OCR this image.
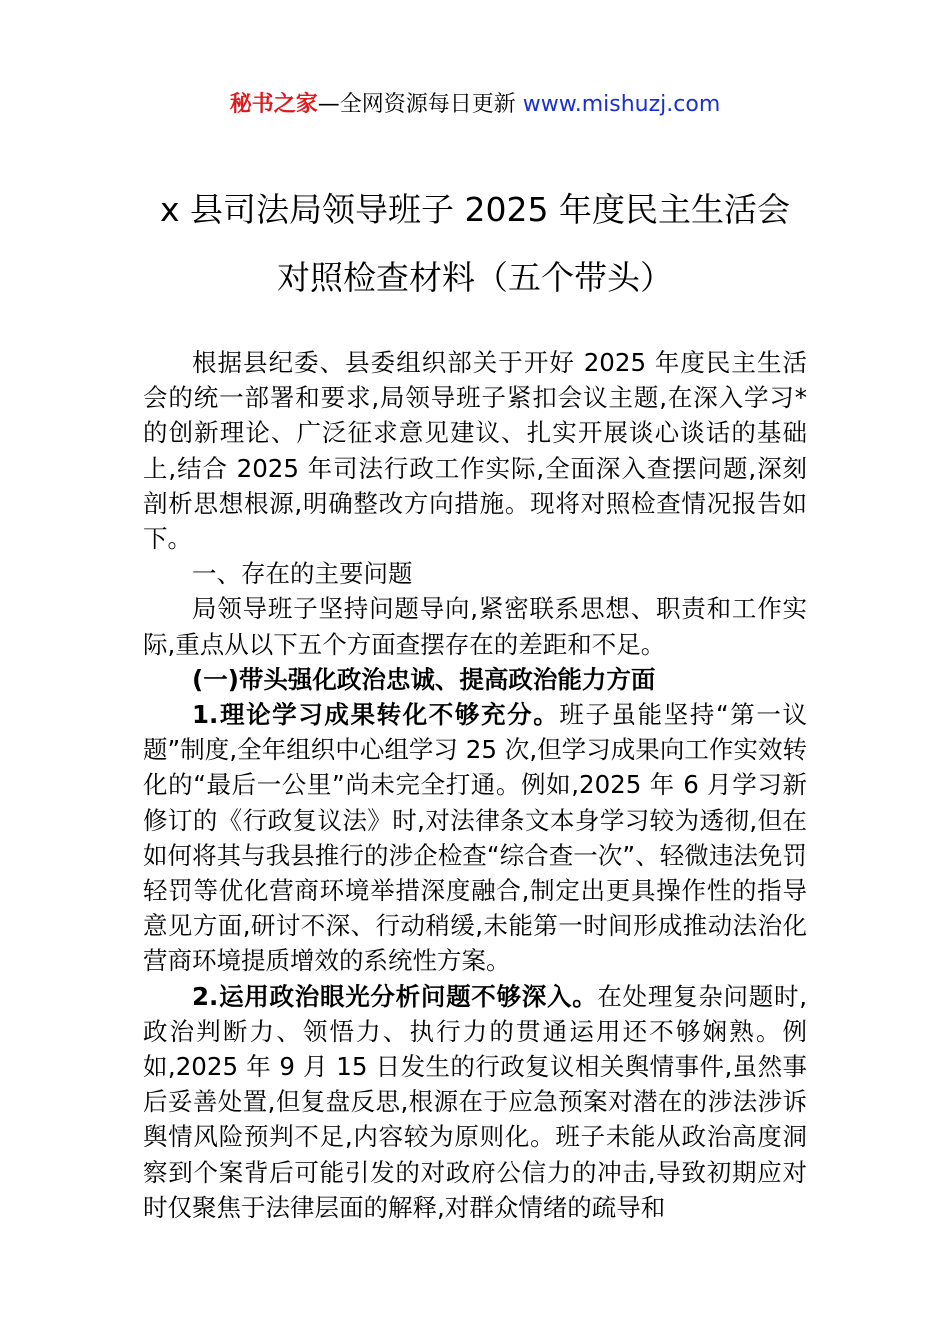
秘书之家—全网资源每日更新 www.mishuzj.com
x 县司法局领导班子 2025 年度民主生活会
对照检查材料（五个带头）

根据县纪委、县委组织部关于开好 2025 年度民主生活会的统一部署和要求,局领导班子紧扣会议主题,在深入学习*的创新理论、广泛征求意见建议、扎实开展谈心谈话的基础上,结合 2025 年司法行政工作实际,全面深入查摆问题,深刻剖析思想根源,明确整改方向措施。现将对照检查情况报告如下。

一、存在的主要问题

局领导班子坚持问题导向,紧密联系思想、职责和工作实际,重点从以下五个方面查摆存在的差距和不足。

(一)带头强化政治忠诚、提高政治能力方面

1.理论学习成果转化不够充分。班子虽能坚持“第一议题”制度,全年组织中心组学习 25 次,但学习成果向工作实效转化的“最后一公里”尚未完全打通。例如,2025 年 6 月学习新修订的《行政复议法》时,对法律条文本身学习较为透彻,但在如何将其与我县推行的涉企检查“综合查一次”、轻微违法免罚轻罚等优化营商环境举措深度融合,制定出更具操作性的指导意见方面,研讨不深、行动稍缓,未能第一时间形成推动法治化营商环境提质增效的系统性方案。

2.运用政治眼光分析问题不够深入。在处理复杂问题时,政治判断力、领悟力、执行力的贯通运用还不够娴熟。例如,2025 年 9 月 15 日发生的行政复议相关舆情事件,虽然事后妥善处置,但复盘反思,根源在于应急预案对潜在的涉法涉诉舆情风险预判不足,内容较为原则化。班子未能从政治高度洞察到个案背后可能引发的对政府公信力的冲击,导致初期应对时仅聚焦于法律层面的解释,对群众情绪的疏导和
